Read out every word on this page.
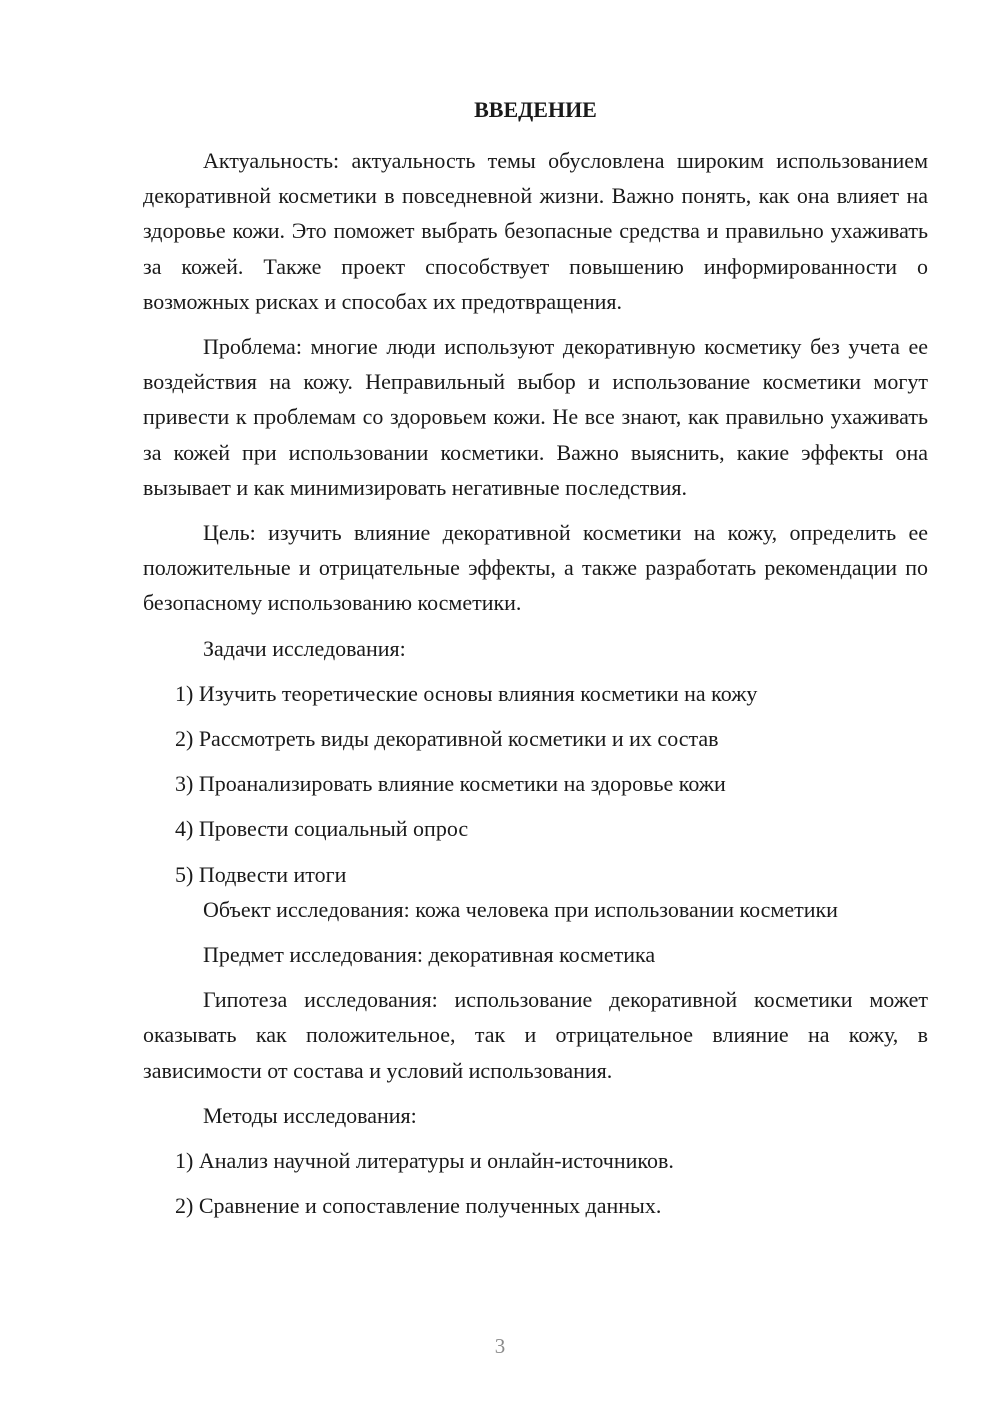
ВВЕДЕНИЕ

Актуальность: актуальность темы обусловлена широким использованием декоративной косметики в повседневной жизни. Важно понять, как она влияет на здоровье кожи. Это поможет выбрать безопасные средства и правильно ухаживать за кожей. Также проект способствует повышению информированности о возможных рисках и способах их предотвращения.

Проблема: многие люди используют декоративную косметику без учета ее воздействия на кожу. Неправильный выбор и использование косметики могут привести к проблемам со здоровьем кожи. Не все знают, как правильно ухаживать за кожей при использовании косметики. Важно выяснить, какие эффекты она вызывает и как минимизировать негативные последствия.

Цель: изучить влияние декоративной косметики на кожу, определить ее положительные и отрицательные эффекты, а также разработать рекомендации по безопасному использованию косметики.

Задачи исследования:
1) Изучить теоретические основы влияния косметики на кожу
2) Рассмотреть виды декоративной косметики и их состав
3) Проанализировать влияние косметики на здоровье кожи
4) Провести социальный опрос
5) Подвести итоги
Объект исследования: кожа человека при использовании косметики
Предмет исследования: декоративная косметика

Гипотеза исследования: использование декоративной косметики может оказывать как положительное, так и отрицательное влияние на кожу, в зависимости от состава и условий использования.

Методы исследования:
1) Анализ научной литературы и онлайн-источников.
2) Сравнение и сопоставление полученных данных.
3
